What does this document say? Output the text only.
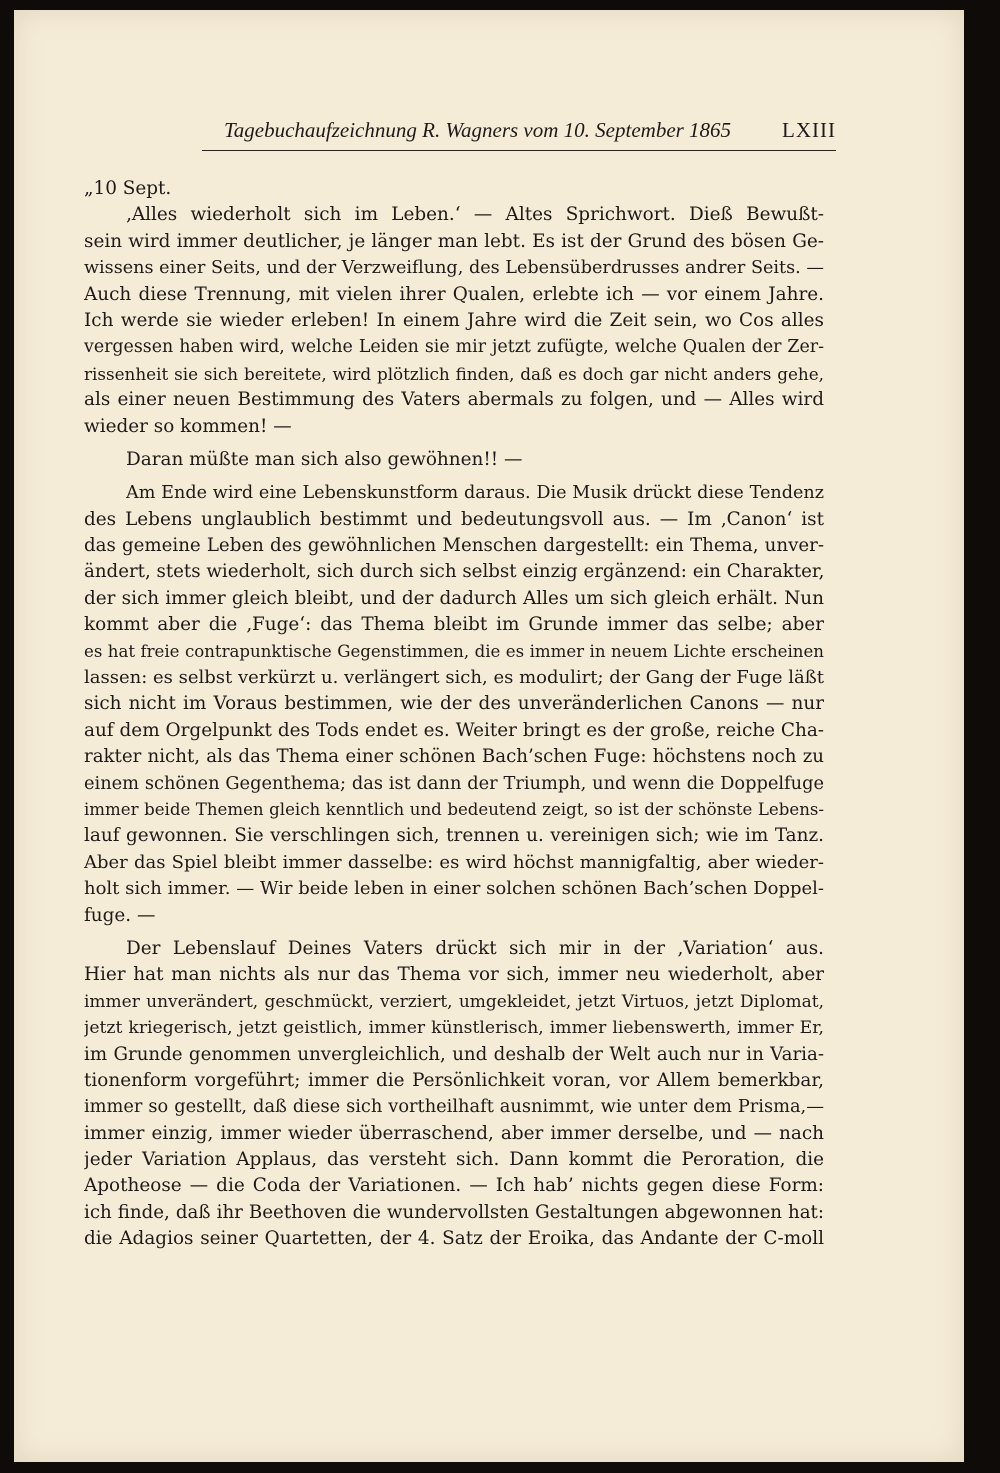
Tagebuchaufzeichnung R. Wagners vom 10. September 1865 LXIII
„10 Sept.
‚Alles wiederholt sich im Leben.‘ — Altes Sprichwort. Dieß Bewußt-
sein wird immer deutlicher, je länger man lebt. Es ist der Grund des bösen Ge-
wissens einer Seits, und der Verzweiflung, des Lebensüberdrusses andrer Seits. —
Auch diese Trennung, mit vielen ihrer Qualen, erlebte ich — vor einem Jahre.
Ich werde sie wieder erleben! In einem Jahre wird die Zeit sein, wo Cos alles
vergessen haben wird, welche Leiden sie mir jetzt zufügte, welche Qualen der Zer-
rissenheit sie sich bereitete, wird plötzlich finden, daß es doch gar nicht anders gehe,
als einer neuen Bestimmung des Vaters abermals zu folgen, und — Alles wird
wieder so kommen! —
Daran müßte man sich also gewöhnen!! —
Am Ende wird eine Lebenskunstform daraus. Die Musik drückt diese Tendenz
des Lebens unglaublich bestimmt und bedeutungsvoll aus. — Im ‚Canon‘ ist
das gemeine Leben des gewöhnlichen Menschen dargestellt: ein Thema, unver-
ändert, stets wiederholt, sich durch sich selbst einzig ergänzend: ein Charakter,
der sich immer gleich bleibt, und der dadurch Alles um sich gleich erhält. Nun
kommt aber die ‚Fuge‘: das Thema bleibt im Grunde immer das selbe; aber
es hat freie contrapunktische Gegenstimmen, die es immer in neuem Lichte erscheinen
lassen: es selbst verkürzt u. verlängert sich, es modulirt; der Gang der Fuge läßt
sich nicht im Voraus bestimmen, wie der des unveränderlichen Canons — nur
auf dem Orgelpunkt des Tods endet es. Weiter bringt es der große, reiche Cha-
rakter nicht, als das Thema einer schönen Bach’schen Fuge: höchstens noch zu
einem schönen Gegenthema; das ist dann der Triumph, und wenn die Doppelfuge
immer beide Themen gleich kenntlich und bedeutend zeigt, so ist der schönste Lebens-
lauf gewonnen. Sie verschlingen sich, trennen u. vereinigen sich; wie im Tanz.
Aber das Spiel bleibt immer dasselbe: es wird höchst mannigfaltig, aber wieder-
holt sich immer. — Wir beide leben in einer solchen schönen Bach’schen Doppel-
fuge. —
Der Lebenslauf Deines Vaters drückt sich mir in der ‚Variation‘ aus.
Hier hat man nichts als nur das Thema vor sich, immer neu wiederholt, aber
immer unverändert, geschmückt, verziert, umgekleidet, jetzt Virtuos, jetzt Diplomat,
jetzt kriegerisch, jetzt geistlich, immer künstlerisch, immer liebenswerth, immer Er,
im Grunde genommen unvergleichlich, und deshalb der Welt auch nur in Varia-
tionenform vorgeführt; immer die Persönlichkeit voran, vor Allem bemerkbar,
immer so gestellt, daß diese sich vortheilhaft ausnimmt, wie unter dem Prisma,—
immer einzig, immer wieder überraschend, aber immer derselbe, und — nach
jeder Variation Applaus, das versteht sich. Dann kommt die Peroration, die
Apotheose — die Coda der Variationen. — Ich hab’ nichts gegen diese Form:
ich finde, daß ihr Beethoven die wundervollsten Gestaltungen abgewonnen hat:
die Adagios seiner Quartetten, der 4. Satz der Eroika, das Andante der C-moll
